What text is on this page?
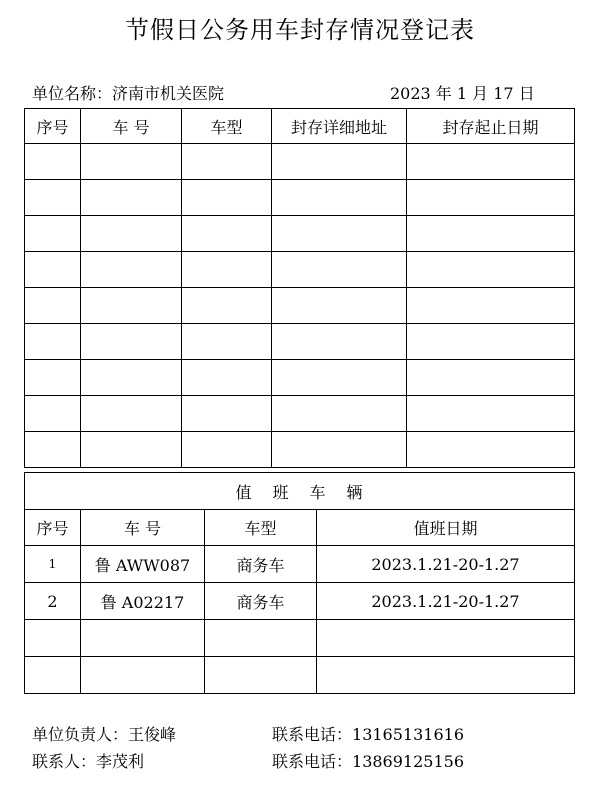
节假日公务用车封存情况登记表
单位名称：济南市机关医院	2023 年 1 月 17 日
序号	车 号	车型	封存详细地址	封存起止日期

值 班 车 辆			
序号	车 号	车型	值班日期
1	鲁 AWW087	商务车	2023.1.21-20-1.27
2	鲁 A02217	商务车	2023.1.21-20-1.27

单位负责人：王俊峰	联系电话：13165131616
联系人：李茂利	联系电话：13869125156
